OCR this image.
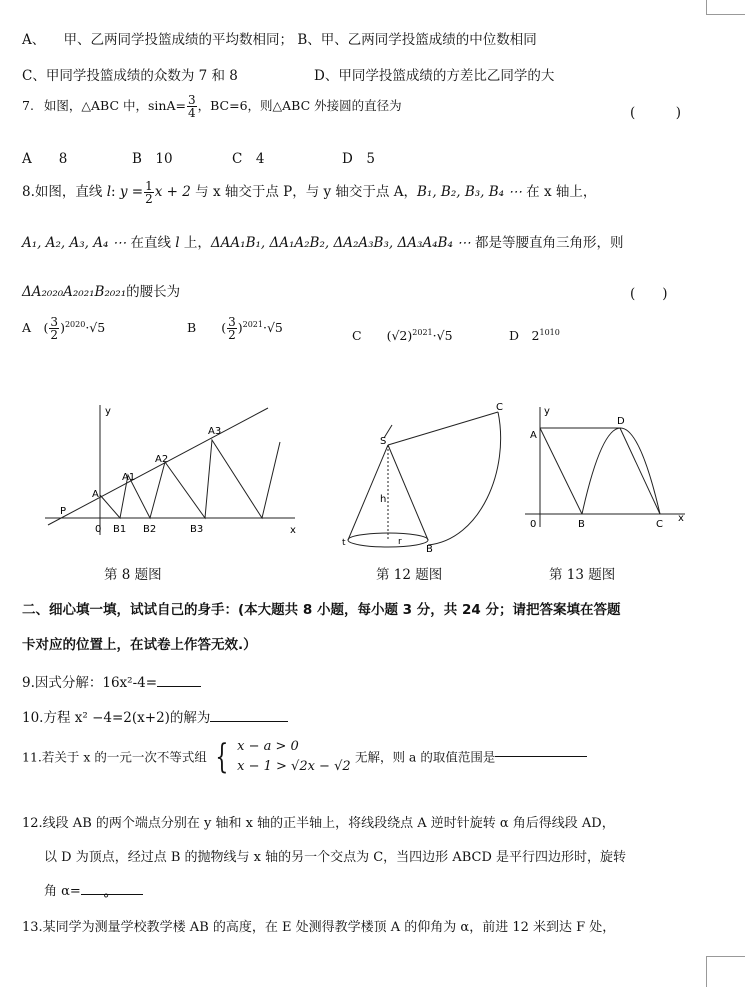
A、 甲、乙两同学投篮成绩的平均数相同； B、甲、乙两同学投篮成绩的中位数相同
C、甲同学投篮成绩的众数为 7 和 8	D、甲同学投篮成绩的方差比乙同学的大
7. 如图，△ABC 中，$\sin A= \frac{3}{4}$ ，BC=6，则△ABC 外接圆的直径为	(　　　)
A　　8	B　10	C　4	D　5
8.如图，直线 l: $y = \frac{1}{2}$ x + 2 与 x 轴交于点 P，与 y 轴交于点 A，B₁, B₂, B₃, B₄ ⋯ 在 x 轴上，
A₁, A₂, A₃, A₄ ⋯ 在直线 l 上，ΔAA₁B₁, ΔA₁A₂B₂, ΔA₂A₃B₃, ΔA₃A₄B₄ ⋯ 都是等腰直角三角形，则
ΔA₂₀₂₀A₂₀₂₁B₂₀₂₁的腰长为	(　　)
A　( $\frac{3}{2} )^{2020}\cdot√5$	B　　( $\frac{3}{2} )^{2021}\cdot√5$
C　　 $(√2)^{2021}\cdot√5$	D　 $2^{1010}$
y
x
P
A
A1
A2
A3
0 B1 B2	B3
S
h
C
B
t	r
y
A
D
0	B	C
x
第 8 题图	第 12 题图	第 13 题图
二、细心填一填，试试自己的身手：(本大题共 8 小题，每小题 3 分，共 24 分；请把答案填在答题
卡对应的位置上，在试卷上作答无效.）
9.因式分解：16x²-4=
10.方程 x² −4=2(x+2)的解为
11.若关于 x 的一元一次不等式组 { x − a > 0
x − 1 > √2x − √2
无解，则 a 的取值范围是
12.线段 AB 的两个端点分别在 y 轴和 x 轴的正半轴上，将线段绕点 A 逆时针旋转 α 角后得线段 AD，
以 D 为顶点，经过点 B 的抛物线与 x 轴的另一个交点为 C，当四边形 ABCD 是平行四边形时，旋转
角 α=
°
13.某同学为测量学校教学楼 AB 的高度，在 E 处测得教学楼顶 A 的仰角为 α，前进 12 米到达 F 处，
